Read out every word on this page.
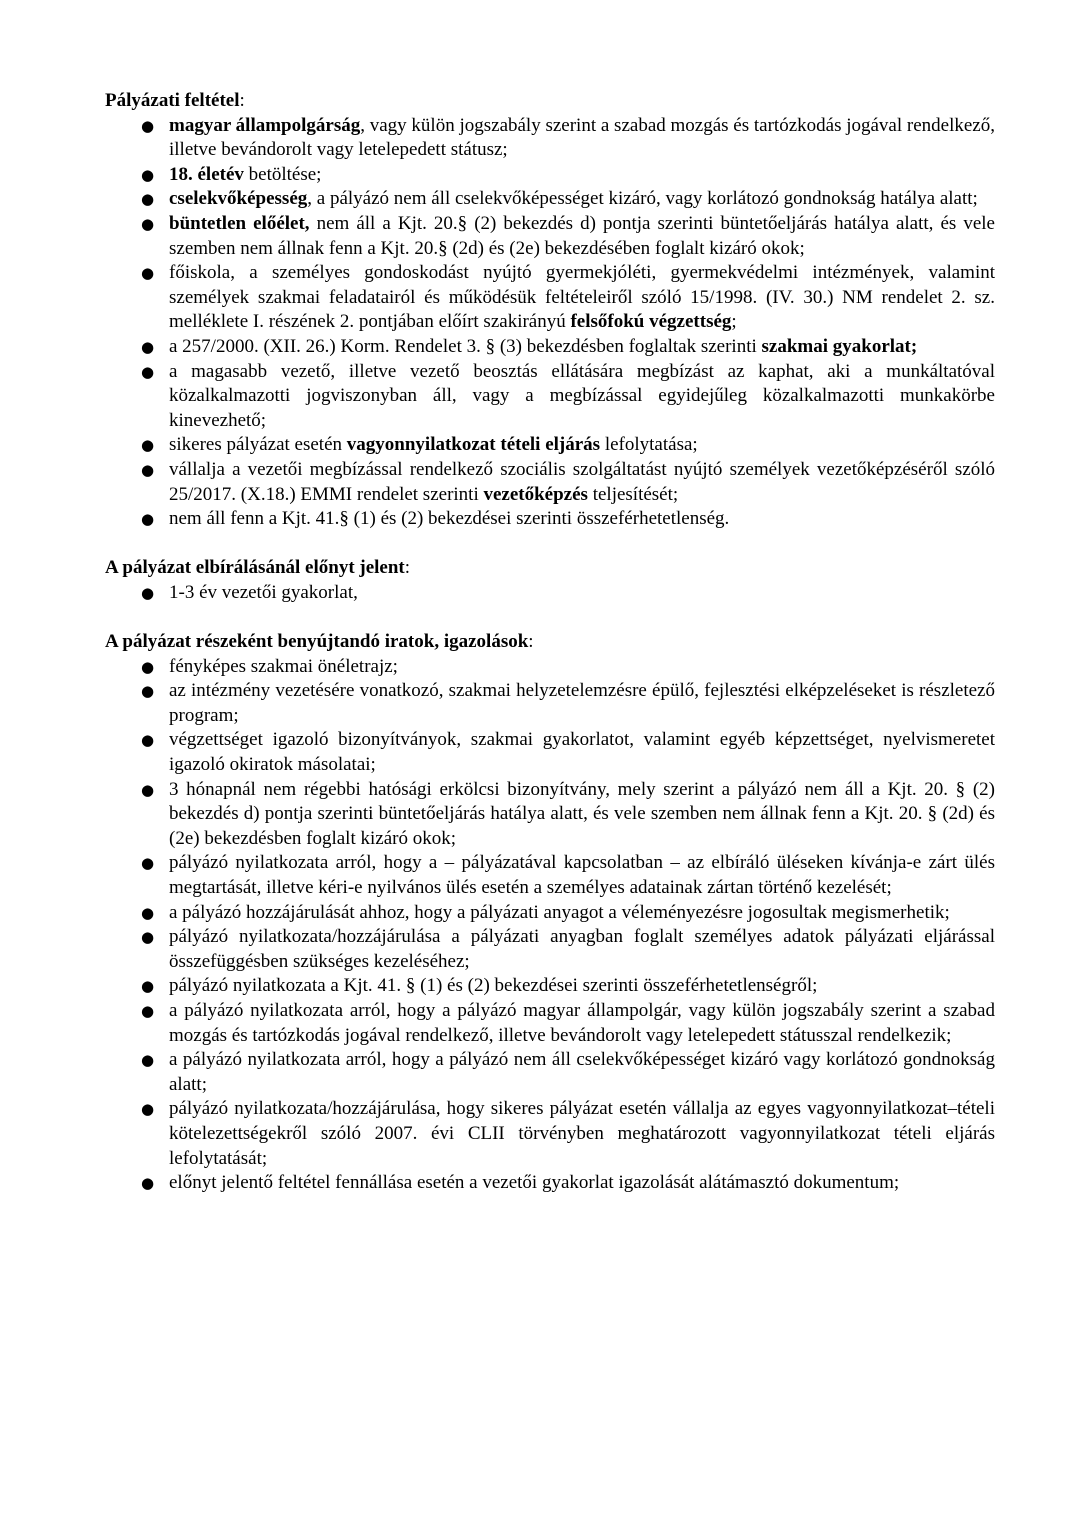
Pályázati feltétel:

● magyar állampolgárság, vagy külön jogszabály szerint a szabad mozgás és tartózkodás jogával rendelkező, illetve bevándorolt vagy letelepedett státusz;
● 18. életév betöltése;
● cselekvőképesség, a pályázó nem áll cselekvőképességet kizáró, vagy korlátozó gondnokság hatálya alatt;
● büntetlen előélet, nem áll a Kjt. 20.§ (2) bekezdés d) pontja szerinti büntetőeljárás hatálya alatt, és vele szemben nem állnak fenn a Kjt. 20.§ (2d) és (2e) bekezdésében foglalt kizáró okok;
● főiskola, a személyes gondoskodást nyújtó gyermekjóléti, gyermekvédelmi intézmények, valamint személyek szakmai feladatairól és működésük feltételeiről szóló 15/1998. (IV. 30.) NM rendelet 2. sz. melléklete I. részének 2. pontjában előírt szakirányú felsőfokú végzettség;
● a 257/2000. (XII. 26.) Korm. Rendelet 3. § (3) bekezdésben foglaltak szerinti szakmai gyakorlat;
● a magasabb vezető, illetve vezető beosztás ellátására megbízást az kaphat, aki a munkáltatóval közalkalmazotti jogviszonyban áll, vagy a megbízással egyidejűleg közalkalmazotti munkakörbe kinevezhető;
● sikeres pályázat esetén vagyonnyilatkozat tételi eljárás lefolytatása;
● vállalja a vezetői megbízással rendelkező szociális szolgáltatást nyújtó személyek vezetőképzéséről szóló 25/2017. (X.18.) EMMI rendelet szerinti vezetőképzés teljesítését;
● nem áll fenn a Kjt. 41.§ (1) és (2) bekezdései szerinti összeférhetetlenség.

A pályázat elbírálásánál előnyt jelent:

● 1-3 év vezetői gyakorlat,

A pályázat részeként benyújtandó iratok, igazolások:

● fényképes szakmai önéletrajz;
● az intézmény vezetésére vonatkozó, szakmai helyzetelemzésre épülő, fejlesztési elképzeléseket is részletező program;
● végzettséget igazoló bizonyítványok, szakmai gyakorlatot, valamint egyéb képzettséget, nyelvismeretet igazoló okiratok másolatai;
● 3 hónapnál nem régebbi hatósági erkölcsi bizonyítvány, mely szerint a pályázó nem áll a Kjt. 20. § (2) bekezdés d) pontja szerinti büntetőeljárás hatálya alatt, és vele szemben nem állnak fenn a Kjt. 20. § (2d) és (2e) bekezdésben foglalt kizáró okok;
● pályázó nyilatkozata arról, hogy a – pályázatával kapcsolatban – az elbíráló üléseken kívánja-e zárt ülés megtartását, illetve kéri-e nyilvános ülés esetén a személyes adatainak zártan történő kezelését;
● a pályázó hozzájárulását ahhoz, hogy a pályázati anyagot a véleményezésre jogosultak megismerhetik;
● pályázó nyilatkozata/hozzájárulása a pályázati anyagban foglalt személyes adatok pályázati eljárással összefüggésben szükséges kezeléséhez;
● pályázó nyilatkozata a Kjt. 41. § (1) és (2) bekezdései szerinti összeférhetetlenségről;
● a pályázó nyilatkozata arról, hogy a pályázó magyar állampolgár, vagy külön jogszabály szerint a szabad mozgás és tartózkodás jogával rendelkező, illetve bevándorolt vagy letelepedett státusszal rendelkezik;
● a pályázó nyilatkozata arról, hogy a pályázó nem áll cselekvőképességet kizáró vagy korlátozó gondnokság alatt;
● pályázó nyilatkozata/hozzájárulása, hogy sikeres pályázat esetén vállalja az egyes vagyonnyilatkozat–tételi kötelezettségekről szóló 2007. évi CLII törvényben meghatározott vagyonnyilatkozat tételi eljárás lefolytatását;
● előnyt jelentő feltétel fennállása esetén a vezetői gyakorlat igazolását alátámasztó dokumentum;
